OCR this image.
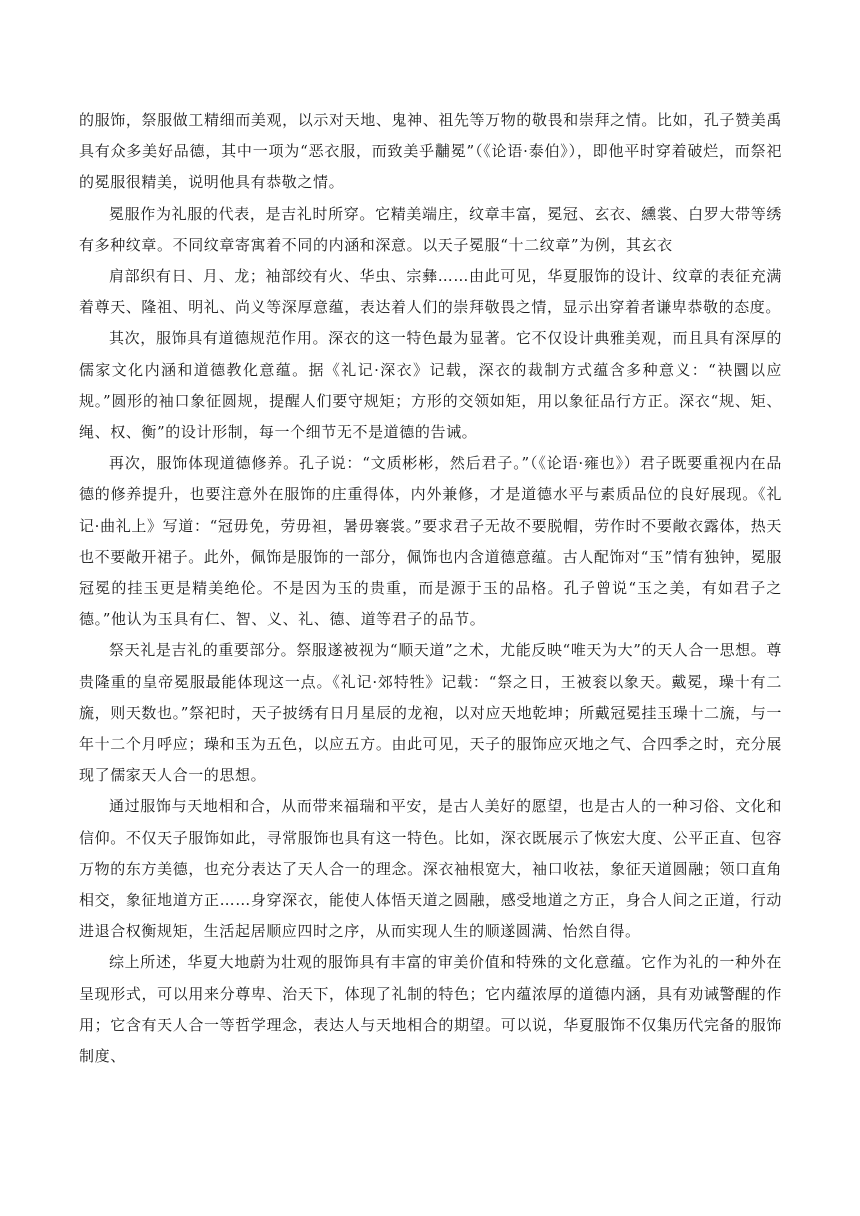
的服饰，祭服做工精细而美观，以示对天地、鬼神、祖先等万物的敬畏和崇拜之情。比如，孔子赞美禹具有众多美好品德，其中一项为“恶衣服，而致美乎黼冕”（《论语·泰伯》），即他平时穿着破烂，而祭祀的冕服很精美，说明他具有恭敬之情。

冕服作为礼服的代表，是吉礼时所穿。它精美端庄，纹章丰富，冕冠、玄衣、纁裳、白罗大带等绣有多种纹章。不同纹章寄寓着不同的内涵和深意。以天子冕服“十二纹章”为例，其玄衣

肩部织有日、月、龙；袖部绞有火、华虫、宗彝……由此可见，华夏服饰的设计、纹章的表征充满着尊天、隆祖、明礼、尚义等深厚意蕴，表达着人们的崇拜敬畏之情，显示出穿着者谦卑恭敬的态度。

其次，服饰具有道德规范作用。深衣的这一特色最为显著。它不仅设计典雅美观，而且具有深厚的儒家文化内涵和道德教化意蕴。据《礼记·深衣》记载，深衣的裁制方式蕴含多种意义：“袂圜以应规。”圆形的袖口象征圆规，提醒人们要守规矩；方形的交领如矩，用以象征品行方正。深衣“规、矩、绳、权、衡”的设计形制，每一个细节无不是道德的告诫。

再次，服饰体现道德修养。孔子说：“文质彬彬，然后君子。”（《论语·雍也》）君子既要重视内在品德的修养提升，也要注意外在服饰的庄重得体，内外兼修，才是道德水平与素质品位的良好展现。《礼记·曲礼上》写道：“冠毋免，劳毋袒，暑毋褰裳。”要求君子无故不要脱帽，劳作时不要敞衣露体，热天也不要敞开裙子。此外，佩饰是服饰的一部分，佩饰也内含道德意蕴。古人配饰对“玉”情有独钟，冕服冠冕的挂玉更是精美绝伦。不是因为玉的贵重，而是源于玉的品格。孔子曾说“玉之美，有如君子之德。”他认为玉具有仁、智、义、礼、德、道等君子的品节。

祭天礼是吉礼的重要部分。祭服遂被视为“顺天道”之术，尤能反映“唯天为大”的天人合一思想。尊贵隆重的皇帝冕服最能体现这一点。《礼记·郊特牲》记载：“祭之日，王被衮以象天。戴冕，璪十有二旒，则天数也。”祭祀时，天子披绣有日月星辰的龙袍，以对应天地乾坤；所戴冠冕挂玉璪十二旒，与一年十二个月呼应；璪和玉为五色，以应五方。由此可见，天子的服饰应灭地之气、合四季之时，充分展现了儒家天人合一的思想。

通过服饰与天地相和合，从而带来福瑞和平安，是古人美好的愿望，也是古人的一种习俗、文化和信仰。不仅天子服饰如此，寻常服饰也具有这一特色。比如，深衣既展示了恢宏大度、公平正直、包容万物的东方美德，也充分表达了天人合一的理念。深衣袖根宽大，袖口收祛，象征天道圆融；领口直角相交，象征地道方正……身穿深衣，能使人体悟天道之圆融，感受地道之方正，身合人间之正道，行动进退合权衡规矩，生活起居顺应四时之序，从而实现人生的顺遂圆满、怡然自得。

综上所述，华夏大地蔚为壮观的服饰具有丰富的审美价值和特殊的文化意蕴。它作为礼的一种外在呈现形式，可以用来分尊卑、治天下，体现了礼制的特色；它内蕴浓厚的道德内涵，具有劝诫警醒的作用；它含有天人合一等哲学理念，表达人与天地相合的期望。可以说，华夏服饰不仅集历代完备的服饰制度、
